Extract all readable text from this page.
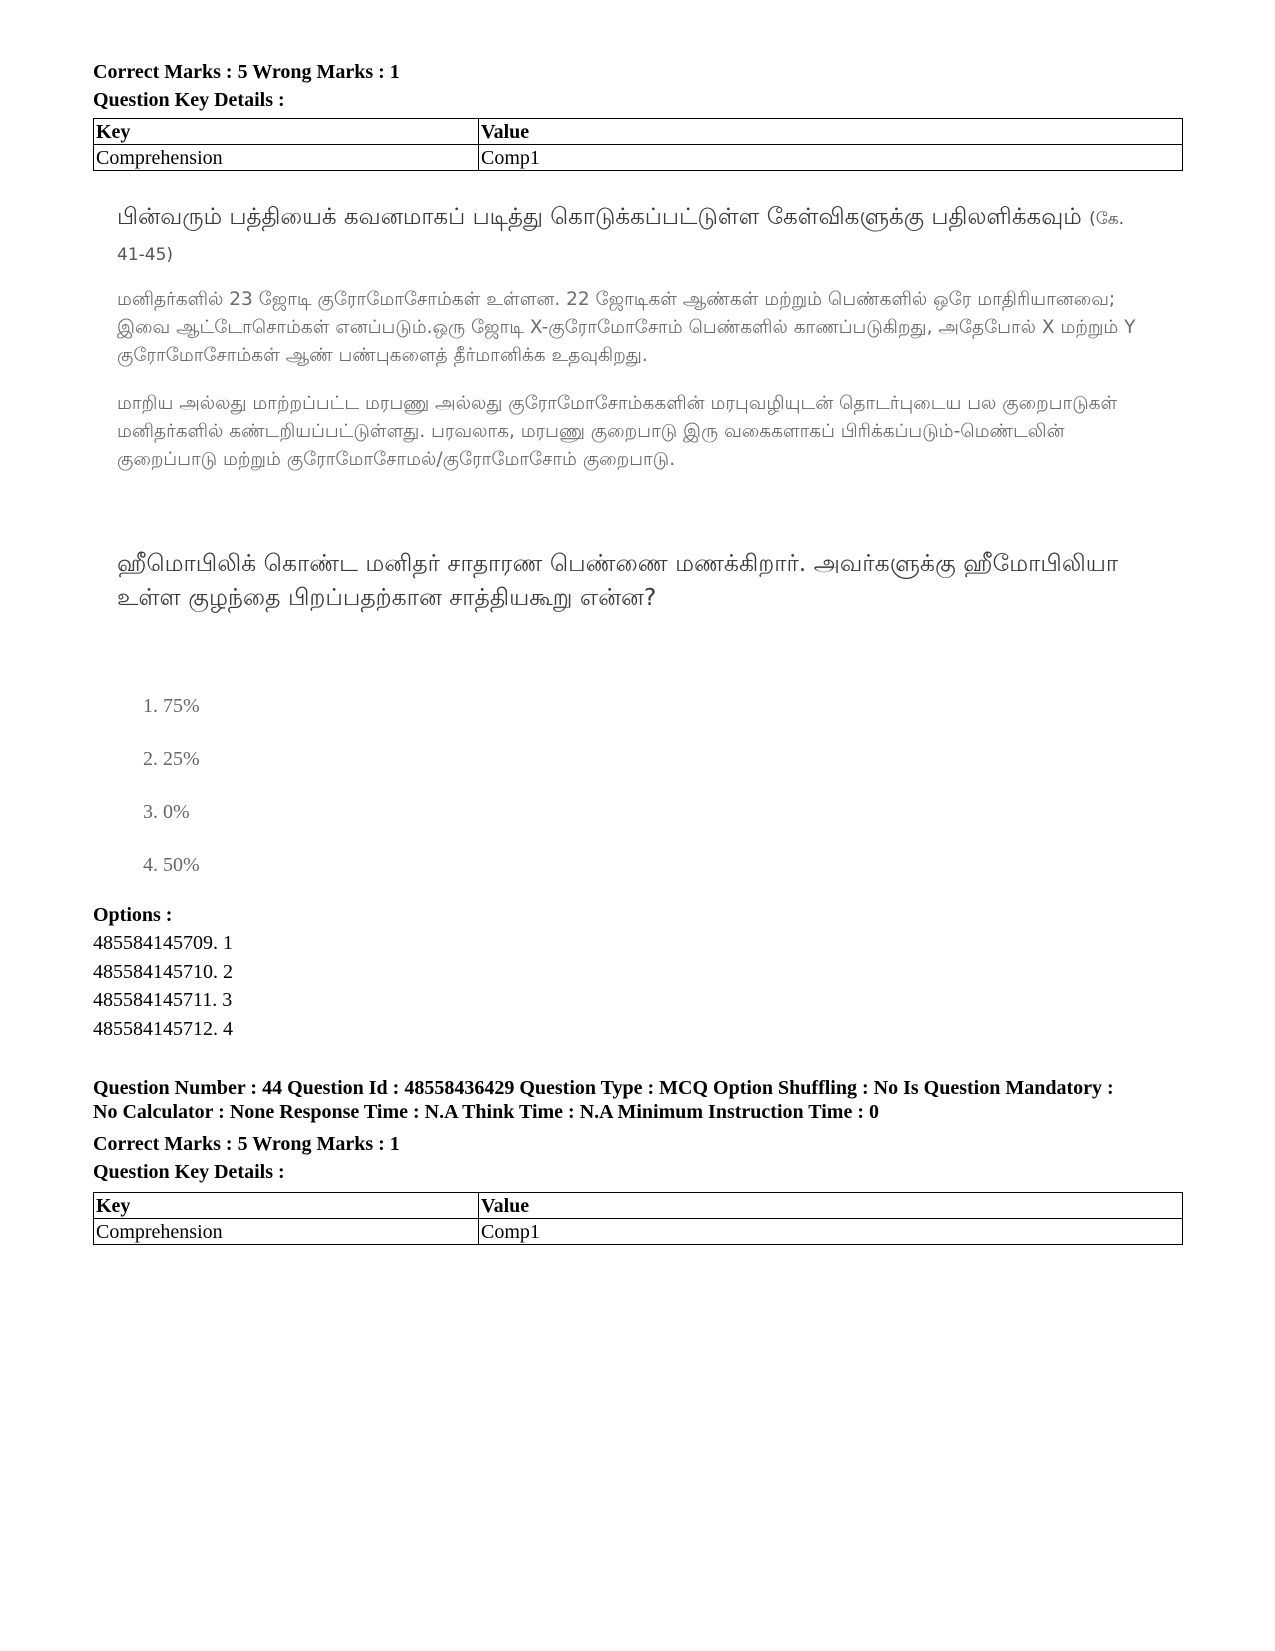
Correct Marks : 5 Wrong Marks : 1

Question Key Details :

Key	Value
Comprehension	Comp1

பின்வரும் பத்தியைக் கவனமாகப் படித்து கொடுக்கப்பட்டுள்ள கேள்விகளுக்கு பதிலளிக்கவும் (கே. 41-45)

மனிதர்களில் 23 ஜோடி குரோமோசோம்கள் உள்ளன. 22 ஜோடிகள் ஆண்கள் மற்றும் பெண்களில் ஒரே மாதிரியானவை; இவை ஆட்டோசொம்கள் எனப்படும்.ஒரு ஜோடி X-குரோமோசோம் பெண்களில் காணப்படுகிறது, அதேபோல் X மற்றும் Y குரோமோசோம்கள் ஆண் பண்புகளைத் தீர்மானிக்க உதவுகிறது.

மாறிய அல்லது மாற்றப்பட்ட மரபணு அல்லது குரோமோசோம்ககளின் மரபுவழியுடன் தொடர்புடைய பல குறைபாடுகள் மனிதர்களில் கண்டறியப்பட்டுள்ளது. பரவலாக, மரபணு குறைபாடு இரு வகைகளாகப் பிரிக்கப்படும்-மெண்டலின் குறைப்பாடு மற்றும் குரோமோசோமல்/குரோமோசோம் குறைபாடு.

ஹீமொபிலிக் கொண்ட மனிதர் சாதாரண பெண்ணை மணக்கிறார். அவர்களுக்கு ஹீமோபிலியா உள்ள குழந்தை பிறப்பதற்கான சாத்தியகூறு என்ன?

1. 75%

2. 25%

3. 0%

4. 50%

Options :

485584145709. 1

485584145710. 2

485584145711. 3

485584145712. 4

Question Number : 44 Question Id : 48558436429 Question Type : MCQ Option Shuffling : No Is Question Mandatory :

No Calculator : None Response Time : N.A Think Time : N.A Minimum Instruction Time : 0

Correct Marks : 5 Wrong Marks : 1

Question Key Details :

Key	Value
Comprehension	Comp1
